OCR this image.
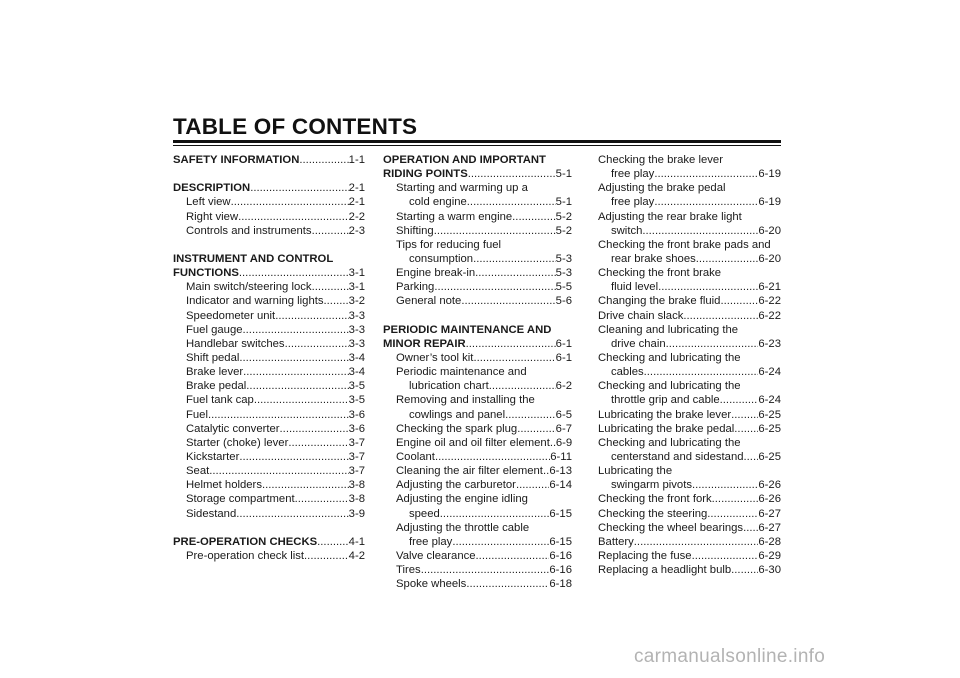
TABLE OF CONTENTS
SAFETY INFORMATION .....	1-1
DESCRIPTION .....	2-1
Left view .....	2-1
Right view .....	2-2
Controls and instruments .....	2-3
INSTRUMENT AND CONTROL
FUNCTIONS .....	3-1
Main switch/steering lock .....	3-1
Indicator and warning lights ..... 3-2
Speedometer unit .....	3-3
Fuel gauge .....	3-3
Handlebar switches .....	3-3
Shift pedal .....	3-4
Brake lever .....	3-4
Brake pedal .....	3-5
Fuel tank cap .....	3-5
Fuel .....	3-6
Catalytic converter .....	3-6
Starter (choke) lever .....	3-7
Kickstarter .....	3-7
Seat .....	3-7
Helmet holders .....	3-8
Storage compartment .....	3-8
Sidestand .....	3-9
PRE-OPERATION CHECKS .....	4-1
Pre-operation check list .....	4-2
OPERATION AND IMPORTANT
RIDING POINTS .....	5-1
Starting and warming up a
cold engine .....	5-1
Starting a warm engine .....	5-2
Shifting .....	5-2
Tips for reducing fuel
consumption .....	5-3
Engine break-in .....	5-3
Parking .....	5-5
General note .....	5-6
PERIODIC MAINTENANCE AND
MINOR REPAIR .....	6-1
Owner’s tool kit .....	6-1
Periodic maintenance and
lubrication chart .....	6-2
Removing and installing the
cowlings and panel .....	6-5
Checking the spark plug .....	6-7
Engine oil and oil filter element ..... 6-9
Coolant .....	6-11
Cleaning the air filter element ..... 6-13
Adjusting the carburetor .....	6-14
Adjusting the engine idling
speed .....	6-15
Adjusting the throttle cable
free play .....	6-15
Valve clearance .....	6-16
Tires .....	6-16
Spoke wheels .....	6-18
Checking the brake lever
free play .....	6-19
Adjusting the brake pedal
free play .....	6-19
Adjusting the rear brake light
switch .....	6-20
Checking the front brake pads and
rear brake shoes .....	6-20
Checking the front brake
fluid level .....	6-21
Changing the brake fluid .....	6-22
Drive chain slack .....	6-22
Cleaning and lubricating the
drive chain .....	6-23
Checking and lubricating the
cables .....	6-24
Checking and lubricating the
throttle grip and cable .....	6-24
Lubricating the brake lever ..... 6-25
Lubricating the brake pedal ..... 6-25
Checking and lubricating the
centerstand and sidestand ..... 6-25
Lubricating the
swingarm pivots .....	6-26
Checking the front fork .....	6-26
Checking the steering .....	6-27
Checking the wheel bearings ..... 6-27
Battery .....	6-28
Replacing the fuse .....	6-29
Replacing a headlight bulb ..... 6-30
carmanualsonline.info
